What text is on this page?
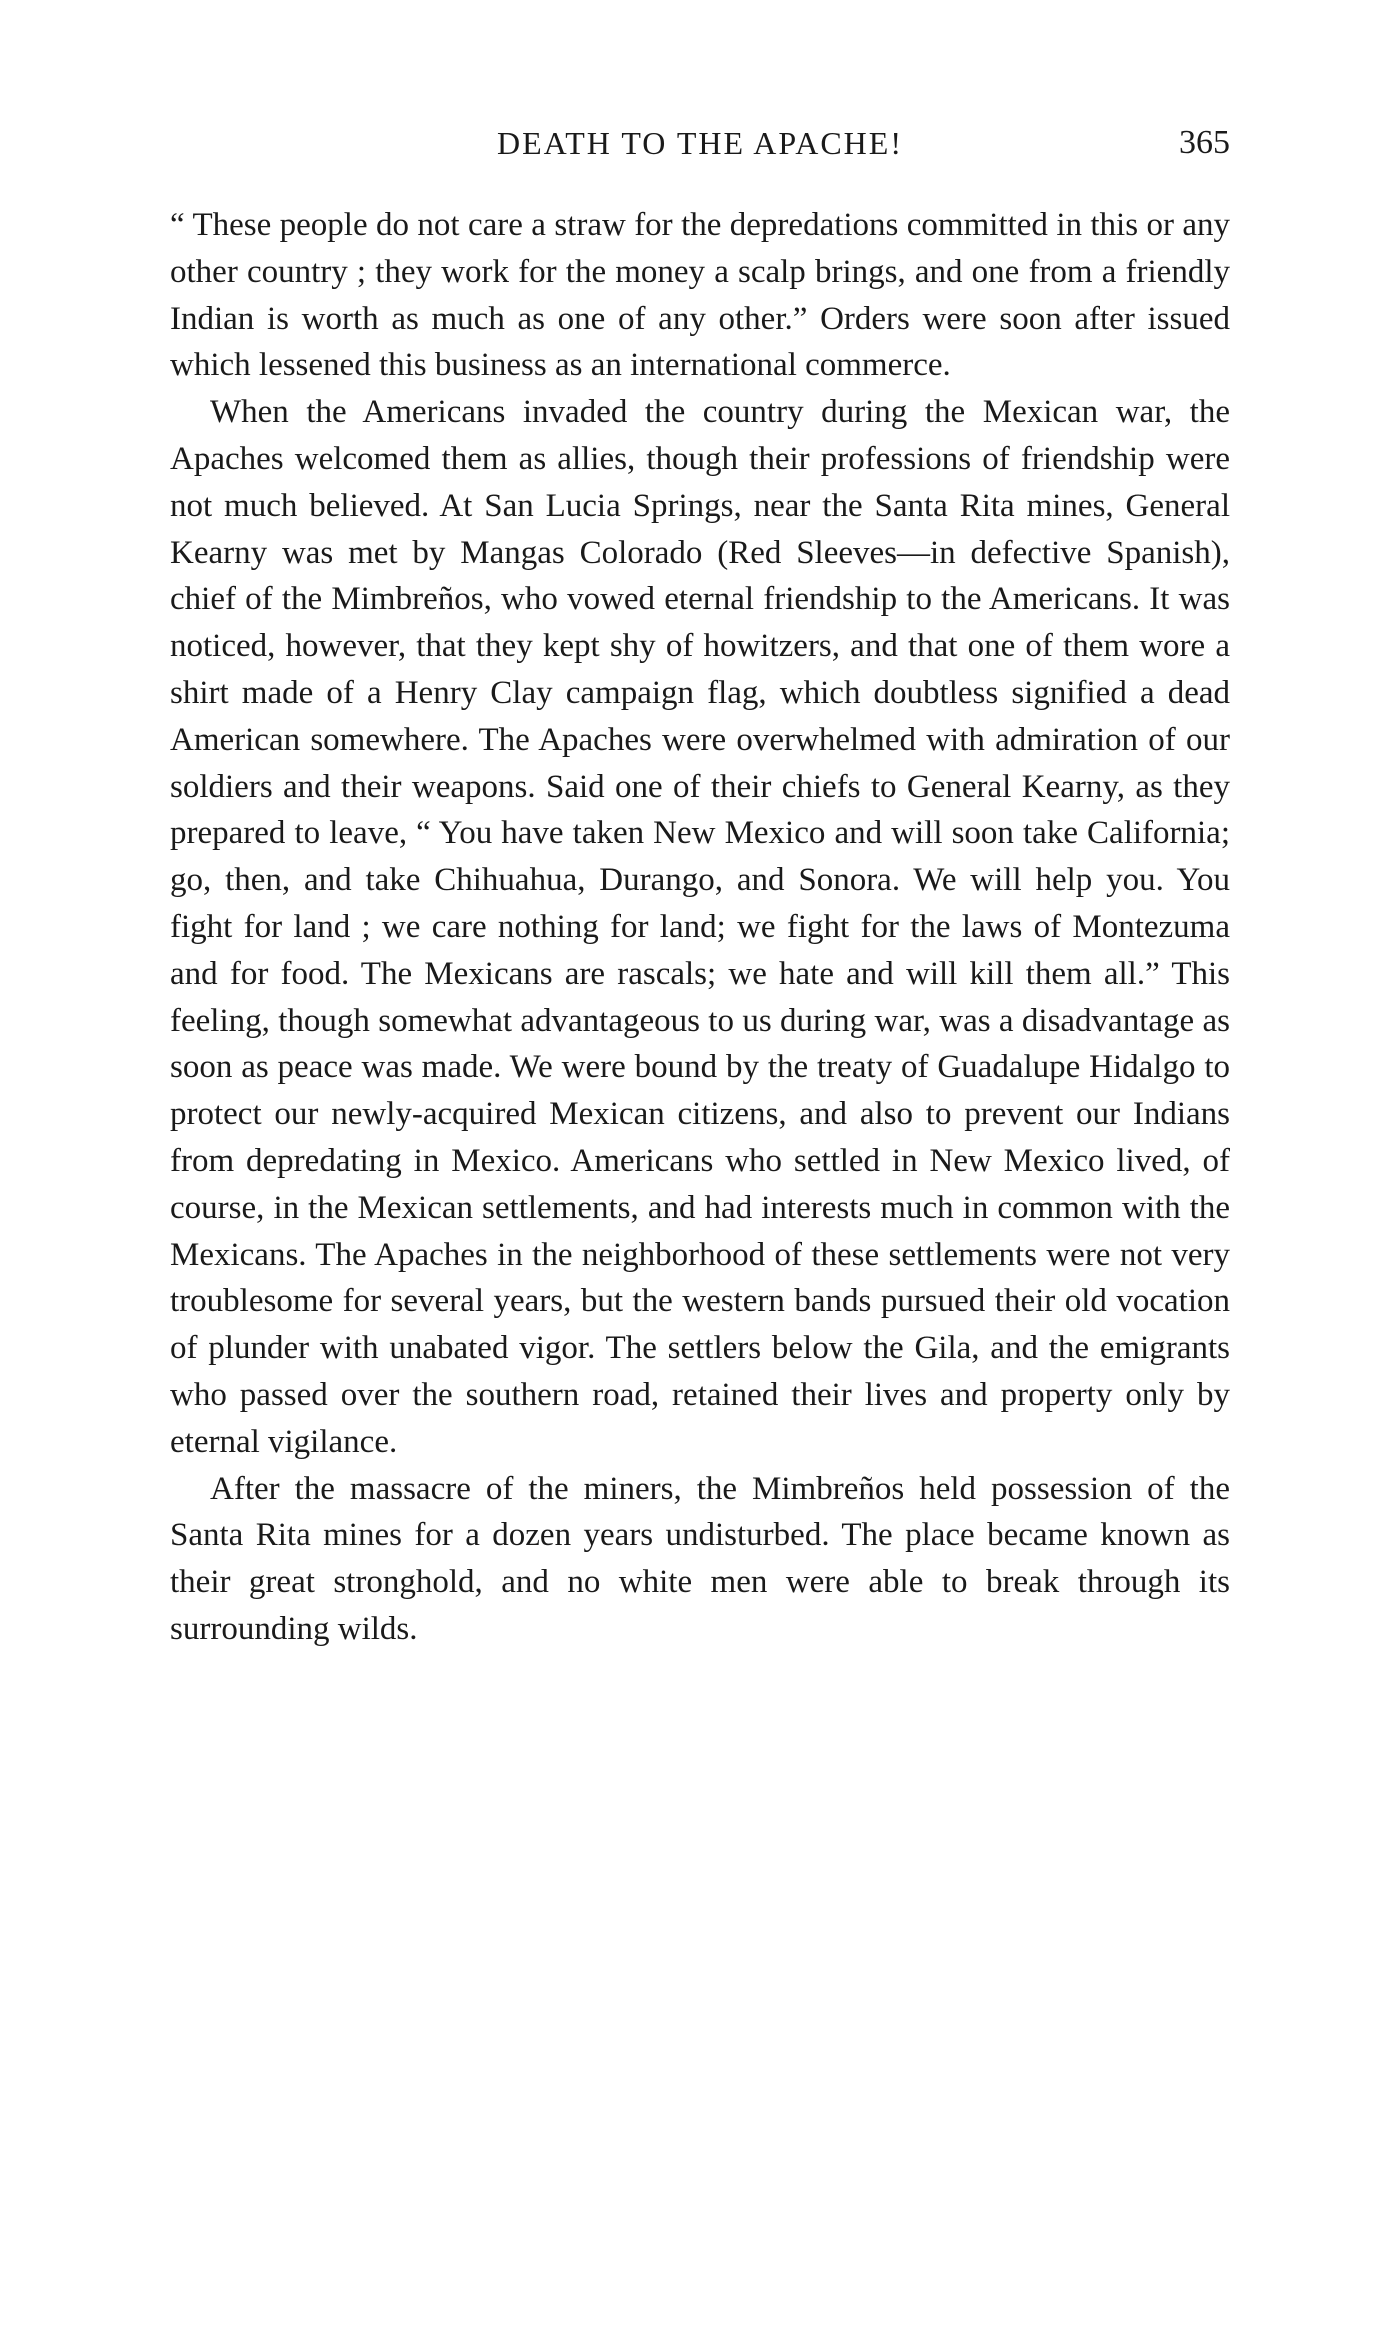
DEATH TO THE APACHE!	365

“ These people do not care a straw for the depredations committed in this or any other country ; they work for the money a scalp brings, and one from a friendly Indian is worth as much as one of any other.” Orders were soon after issued which lessened this business as an international commerce.

When the Americans invaded the country during the Mexican war, the Apaches welcomed them as allies, though their professions of friendship were not much believed. At San Lucia Springs, near the Santa Rita mines, General Kearny was met by Mangas Colorado (Red Sleeves—in defective Spanish), chief of the Mimbreños, who vowed eternal friendship to the Americans. It was noticed, however, that they kept shy of howitzers, and that one of them wore a shirt made of a Henry Clay campaign flag, which doubtless signified a dead American somewhere. The Apaches were overwhelmed with admiration of our soldiers and their weapons. Said one of their chiefs to General Kearny, as they prepared to leave, “ You have taken New Mexico and will soon take California; go, then, and take Chihuahua, Durango, and Sonora. We will help you. You fight for land ; we care nothing for land; we fight for the laws of Montezuma and for food. The Mexicans are rascals; we hate and will kill them all.” This feeling, though somewhat advantageous to us during war, was a disadvantage as soon as peace was made. We were bound by the treaty of Guadalupe Hidalgo to protect our newly-acquired Mexican citizens, and also to prevent our Indians from depredating in Mexico. Americans who settled in New Mexico lived, of course, in the Mexican settlements, and had interests much in common with the Mexicans. The Apaches in the neighborhood of these settlements were not very troublesome for several years, but the western bands pursued their old vocation of plunder with unabated vigor. The settlers below the Gila, and the emigrants who passed over the southern road, retained their lives and property only by eternal vigilance.

After the massacre of the miners, the Mimbreños held possession of the Santa Rita mines for a dozen years undisturbed. The place became known as their great stronghold, and no white men were able to break through its surrounding wilds.
